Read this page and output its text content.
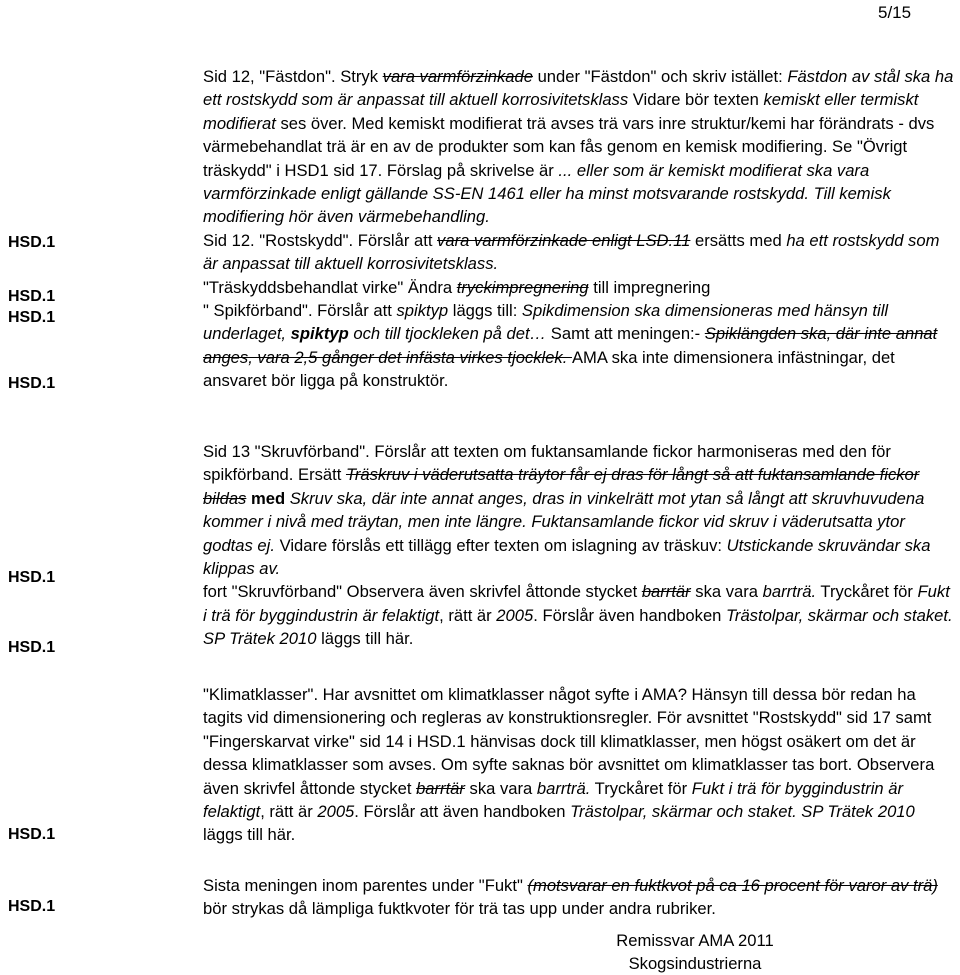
5/15
HSD.1
HSD.1
HSD.1
HSD.1
HSD.1
HSD.1
HSD.1
HSD.1

Sid 12, "Fästdon". Stryk vara varmförzinkade under "Fästdon" och skriv istället: Fästdon av stål ska ha ett rostskydd som är anpassat till aktuell korrosivitetsklass Vidare bör texten kemiskt eller termiskt modifierat ses över. Med kemiskt modifierat trä avses trä vars inre struktur/kemi har förändrats - dvs värmebehandlat trä är en av de produkter som kan fås genom en kemisk modifiering. Se "Övrigt träskydd" i HSD1 sid 17. Förslag på skrivelse är ... eller som är kemiskt modifierat ska vara varmförzinkade enligt gällande SS-EN 1461 eller ha minst motsvarande rostskydd. Till kemisk modifiering hör även värmebehandling.

Sid 12. "Rostskydd". Förslår att vara varmförzinkade enligt LSD.11 ersätts med ha ett rostskydd som är anpassat till aktuell korrosivitetsklass.

"Träskyddsbehandlat virke" Ändra tryckimpregnering till impregnering

" Spikförband". Förslår att spiktyp läggs till: Spikdimension ska dimensioneras med hänsyn till underlaget, spiktyp och till tjockleken på det… Samt att meningen:- Spiklängden ska, där inte annat anges, vara 2,5 gånger det infästa virkes tjocklek. AMA ska inte dimensionera infästningar, det ansvaret bör ligga på konstruktör.

Sid 13 "Skruvförband". Förslår att texten om fuktansamlande fickor harmoniseras med den för spikförband. Ersätt Träskruv i väderutsatta träytor får ej dras för långt så att fuktansamlande fickor bildas med Skruv ska, där inte annat anges, dras in vinkelrätt mot ytan så långt att skruvhuvudena kommer i nivå med träytan, men inte längre. Fuktansamlande fickor vid skruv i väderutsatta ytor godtas ej. Vidare förslås ett tillägg efter texten om islagning av träskuv: Utstickande skruvändar ska klippas av.

fort "Skruvförband" Observera även skrivfel åttonde stycket barrtär ska vara barrträ. Tryckåret för Fukt i trä för byggindustrin är felaktigt, rätt är 2005. Förslår även handboken Trästolpar, skärmar och staket. SP Trätek 2010 läggs till här.

"Klimatklasser". Har avsnittet om klimatklasser något syfte i AMA? Hänsyn till dessa bör redan ha tagits vid dimensionering och regleras av konstruktionsregler. För avsnittet "Rostskydd" sid 17 samt "Fingerskarvat virke" sid 14 i HSD.1 hänvisas dock till klimatklasser, men högst osäkert om det är dessa klimatklasser som avses. Om syfte saknas bör avsnittet om klimatklasser tas bort. Observera även skrivfel åttonde stycket barrtär ska vara barrträ. Tryckåret för Fukt i trä för byggindustrin är felaktigt, rätt är 2005. Förslår att även handboken Trästolpar, skärmar och staket. SP Trätek 2010 läggs till här.

Sista meningen inom parentes under "Fukt" (motsvarar en fuktkvot på ca 16 procent för varor av trä) bör strykas då lämpliga fuktkvoter för trä tas upp under andra rubriker.

Remissvar AMA 2011
Skogsindustrierna
